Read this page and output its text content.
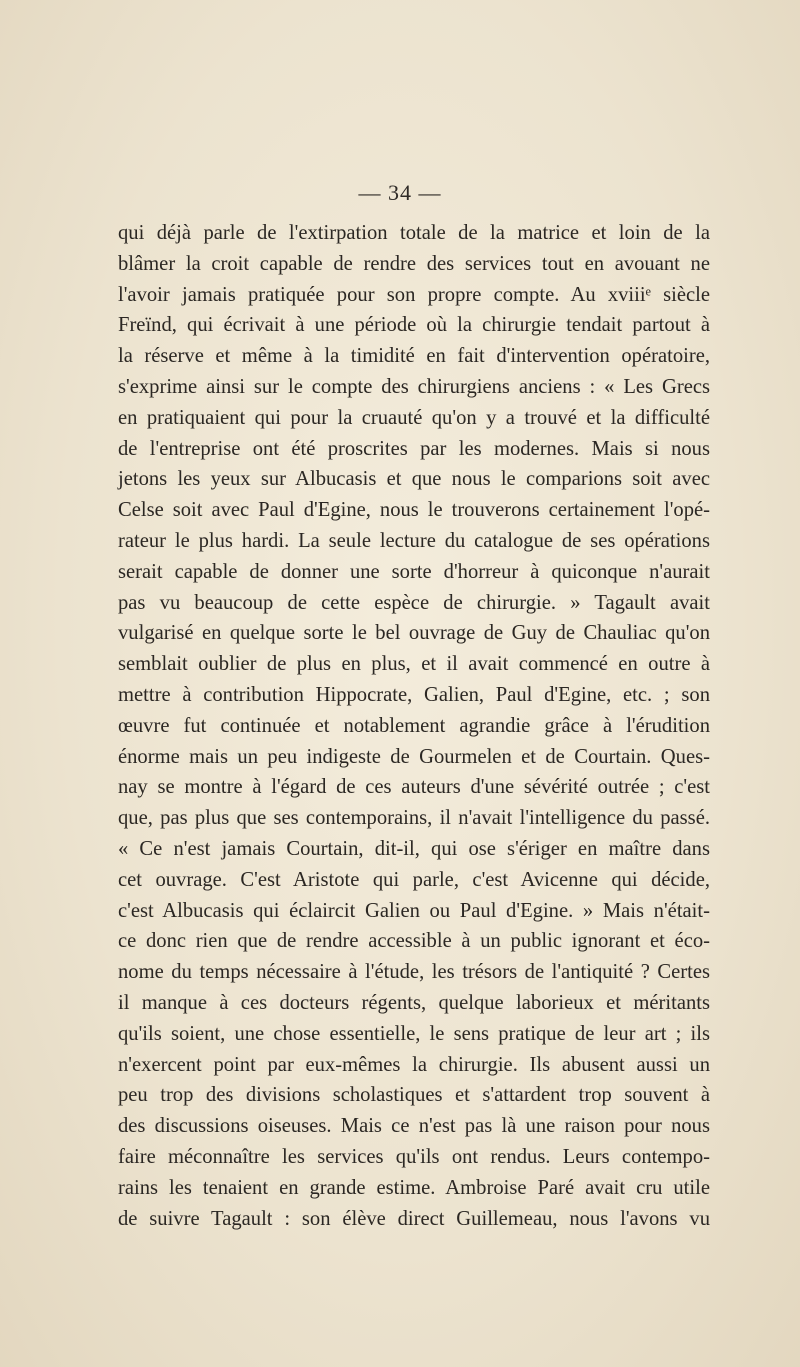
— 34 —
qui déjà parle de l'extirpation totale de la matrice et loin de la
blâmer la croit capable de rendre des services tout en avouant ne
l'avoir jamais pratiquée pour son propre compte. Au xviiiᵉ siècle
Freïnd, qui écrivait à une période où la chirurgie tendait partout à
la réserve et même à la timidité en fait d'intervention opératoire,
s'exprime ainsi sur le compte des chirurgiens anciens : « Les Grecs
en pratiquaient qui pour la cruauté qu'on y a trouvé et la difficulté
de l'entreprise ont été proscrites par les modernes. Mais si nous
jetons les yeux sur Albucasis et que nous le comparions soit avec
Celse soit avec Paul d'Egine, nous le trouverons certainement l'opé-
rateur le plus hardi. La seule lecture du catalogue de ses opérations
serait capable de donner une sorte d'horreur à quiconque n'aurait
pas vu beaucoup de cette espèce de chirurgie. » Tagault avait
vulgarisé en quelque sorte le bel ouvrage de Guy de Chauliac qu'on
semblait oublier de plus en plus, et il avait commencé en outre à
mettre à contribution Hippocrate, Galien, Paul d'Egine, etc. ; son
œuvre fut continuée et notablement agrandie grâce à l'érudition
énorme mais un peu indigeste de Gourmelen et de Courtain. Ques-
nay se montre à l'égard de ces auteurs d'une sévérité outrée ; c'est
que, pas plus que ses contemporains, il n'avait l'intelligence du passé.
« Ce n'est jamais Courtain, dit-il, qui ose s'ériger en maître dans
cet ouvrage. C'est Aristote qui parle, c'est Avicenne qui décide,
c'est Albucasis qui éclaircit Galien ou Paul d'Egine. » Mais n'était-
ce donc rien que de rendre accessible à un public ignorant et éco-
nome du temps nécessaire à l'étude, les trésors de l'antiquité ? Certes
il manque à ces docteurs régents, quelque laborieux et méritants
qu'ils soient, une chose essentielle, le sens pratique de leur art ; ils
n'exercent point par eux-mêmes la chirurgie. Ils abusent aussi un
peu trop des divisions scholastiques et s'attardent trop souvent à
des discussions oiseuses. Mais ce n'est pas là une raison pour nous
faire méconnaître les services qu'ils ont rendus. Leurs contempo-
rains les tenaient en grande estime. Ambroise Paré avait cru utile
de suivre Tagault : son élève direct Guillemeau, nous l'avons vu
